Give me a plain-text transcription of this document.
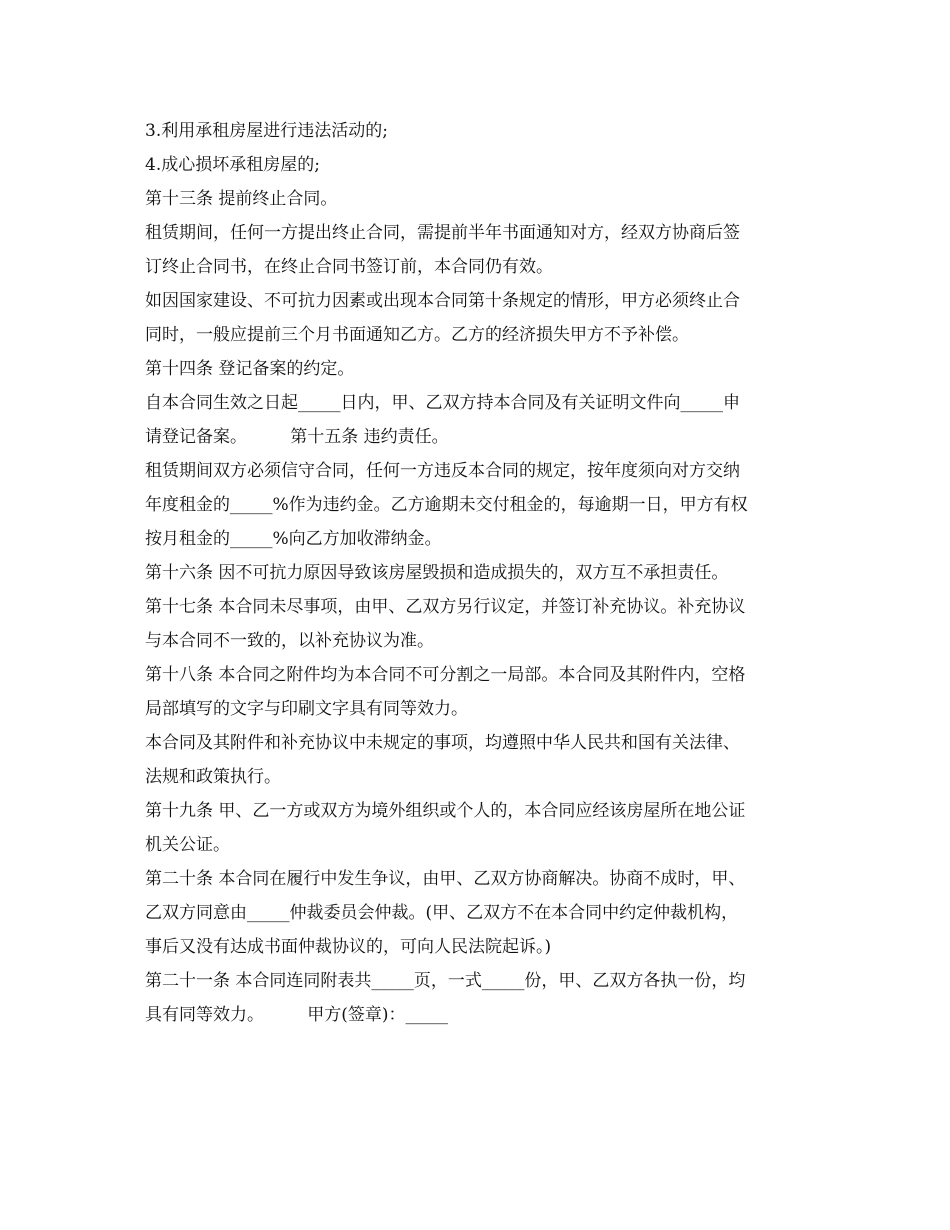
3.利用承租房屋进行违法活动的;
4.成心损坏承租房屋的;
第十三条 提前终止合同。
租赁期间，任何一方提出终止合同，需提前半年书面通知对方，经双方协商后签
订终止合同书，在终止合同书签订前，本合同仍有效。
如因国家建设、不可抗力因素或出现本合同第十条规定的情形，甲方必须终止合
同时，一般应提前三个月书面通知乙方。乙方的经济损失甲方不予补偿。
第十四条 登记备案的约定。
自本合同生效之日起_____日内，甲、乙双方持本合同及有关证明文件向_____申
请登记备案。        第十五条 违约责任。
租赁期间双方必须信守合同，任何一方违反本合同的规定，按年度须向对方交纳
年度租金的_____%作为违约金。乙方逾期未交付租金的，每逾期一日，甲方有权
按月租金的_____%向乙方加收滞纳金。
第十六条 因不可抗力原因导致该房屋毁损和造成损失的，双方互不承担责任。
第十七条 本合同未尽事项，由甲、乙双方另行议定，并签订补充协议。补充协议
与本合同不一致的，以补充协议为准。
第十八条 本合同之附件均为本合同不可分割之一局部。本合同及其附件内，空格
局部填写的文字与印刷文字具有同等效力。
本合同及其附件和补充协议中未规定的事项，均遵照中华人民共和国有关法律、
法规和政策执行。
第十九条 甲、乙一方或双方为境外组织或个人的，本合同应经该房屋所在地公证
机关公证。
第二十条 本合同在履行中发生争议，由甲、乙双方协商解决。协商不成时，甲、
乙双方同意由_____仲裁委员会仲裁。(甲、乙双方不在本合同中约定仲裁机构，
事后又没有达成书面仲裁协议的，可向人民法院起诉。)
第二十一条 本合同连同附表共_____页，一式_____份，甲、乙双方各执一份，均
具有同等效力。        甲方(签章)：_____
